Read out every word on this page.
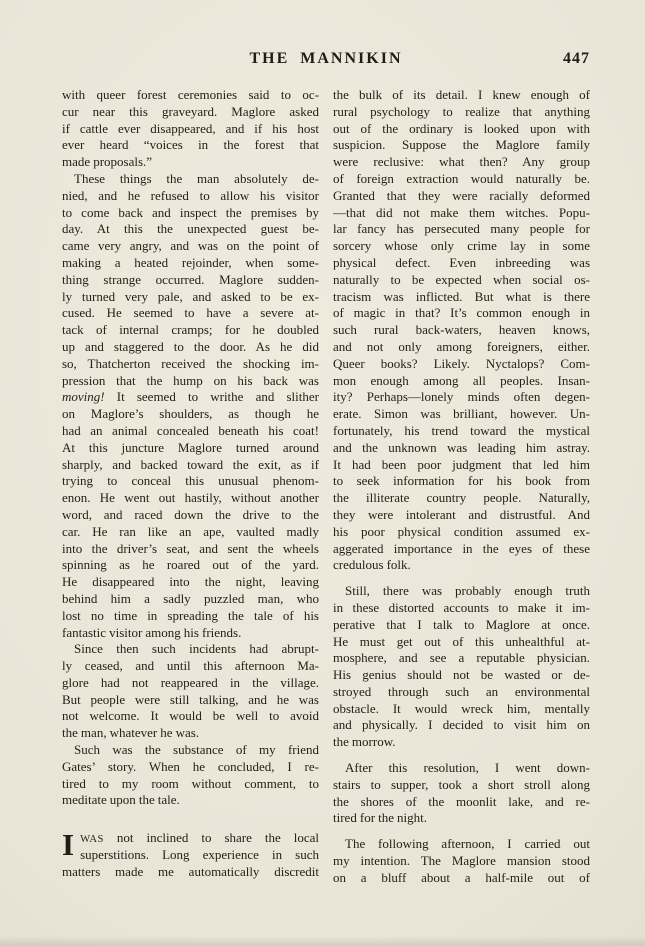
THE MANNIKIN	447
with queer forest ceremonies said to oc-
cur near this graveyard. Maglore asked
if cattle ever disappeared, and if his host
ever heard “voices in the forest that
made proposals.”
These things the man absolutely de-
nied, and he refused to allow his visitor
to come back and inspect the premises by
day. At this the unexpected guest be-
came very angry, and was on the point of
making a heated rejoinder, when some-
thing strange occurred. Maglore sudden-
ly turned very pale, and asked to be ex-
cused. He seemed to have a severe at-
tack of internal cramps; for he doubled
up and staggered to the door. As he did
so, Thatcherton received the shocking im-
pression that the hump on his back was
moving! It seemed to writhe and slither
on Maglore’s shoulders, as though he
had an animal concealed beneath his coat!
At this juncture Maglore turned around
sharply, and backed toward the exit, as if
trying to conceal this unusual phenom-
enon. He went out hastily, without another
word, and raced down the drive to the
car. He ran like an ape, vaulted madly
into the driver’s seat, and sent the wheels
spinning as he roared out of the yard.
He disappeared into the night, leaving
behind him a sadly puzzled man, who
lost no time in spreading the tale of his
fantastic visitor among his friends.
Since then such incidents had abrupt-
ly ceased, and until this afternoon Ma-
glore had not reappeared in the village.
But people were still talking, and he was
not welcome. It would be well to avoid
the man, whatever he was.
Such was the substance of my friend
Gates’ story. When he concluded, I re-
tired to my room without comment, to
meditate upon the tale.
I WAS not inclined to share the local
superstitions. Long experience in such
matters made me automatically discredit
the bulk of its detail. I knew enough of
rural psychology to realize that anything
out of the ordinary is looked upon with
suspicion. Suppose the Maglore family
were reclusive: what then? Any group
of foreign extraction would naturally be.
Granted that they were racially deformed
—that did not make them witches. Popu-
lar fancy has persecuted many people for
sorcery whose only crime lay in some
physical defect. Even inbreeding was
naturally to be expected when social os-
tracism was inflicted. But what is there
of magic in that? It’s common enough in
such rural back-waters, heaven knows,
and not only among foreigners, either.
Queer books? Likely. Nyctalops? Com-
mon enough among all peoples. Insan-
ity? Perhaps—lonely minds often degen-
erate. Simon was brilliant, however. Un-
fortunately, his trend toward the mystical
and the unknown was leading him astray.
It had been poor judgment that led him
to seek information for his book from
the illiterate country people. Naturally,
they were intolerant and distrustful. And
his poor physical condition assumed ex-
aggerated importance in the eyes of these
credulous folk.
Still, there was probably enough truth
in these distorted accounts to make it im-
perative that I talk to Maglore at once.
He must get out of this unhealthful at-
mosphere, and see a reputable physician.
His genius should not be wasted or de-
stroyed through such an environmental
obstacle. It would wreck him, mentally
and physically. I decided to visit him on
the morrow.
After this resolution, I went down-
stairs to supper, took a short stroll along
the shores of the moonlit lake, and re-
tired for the night.
The following afternoon, I carried out
my intention. The Maglore mansion stood
on a bluff about a half-mile out of
